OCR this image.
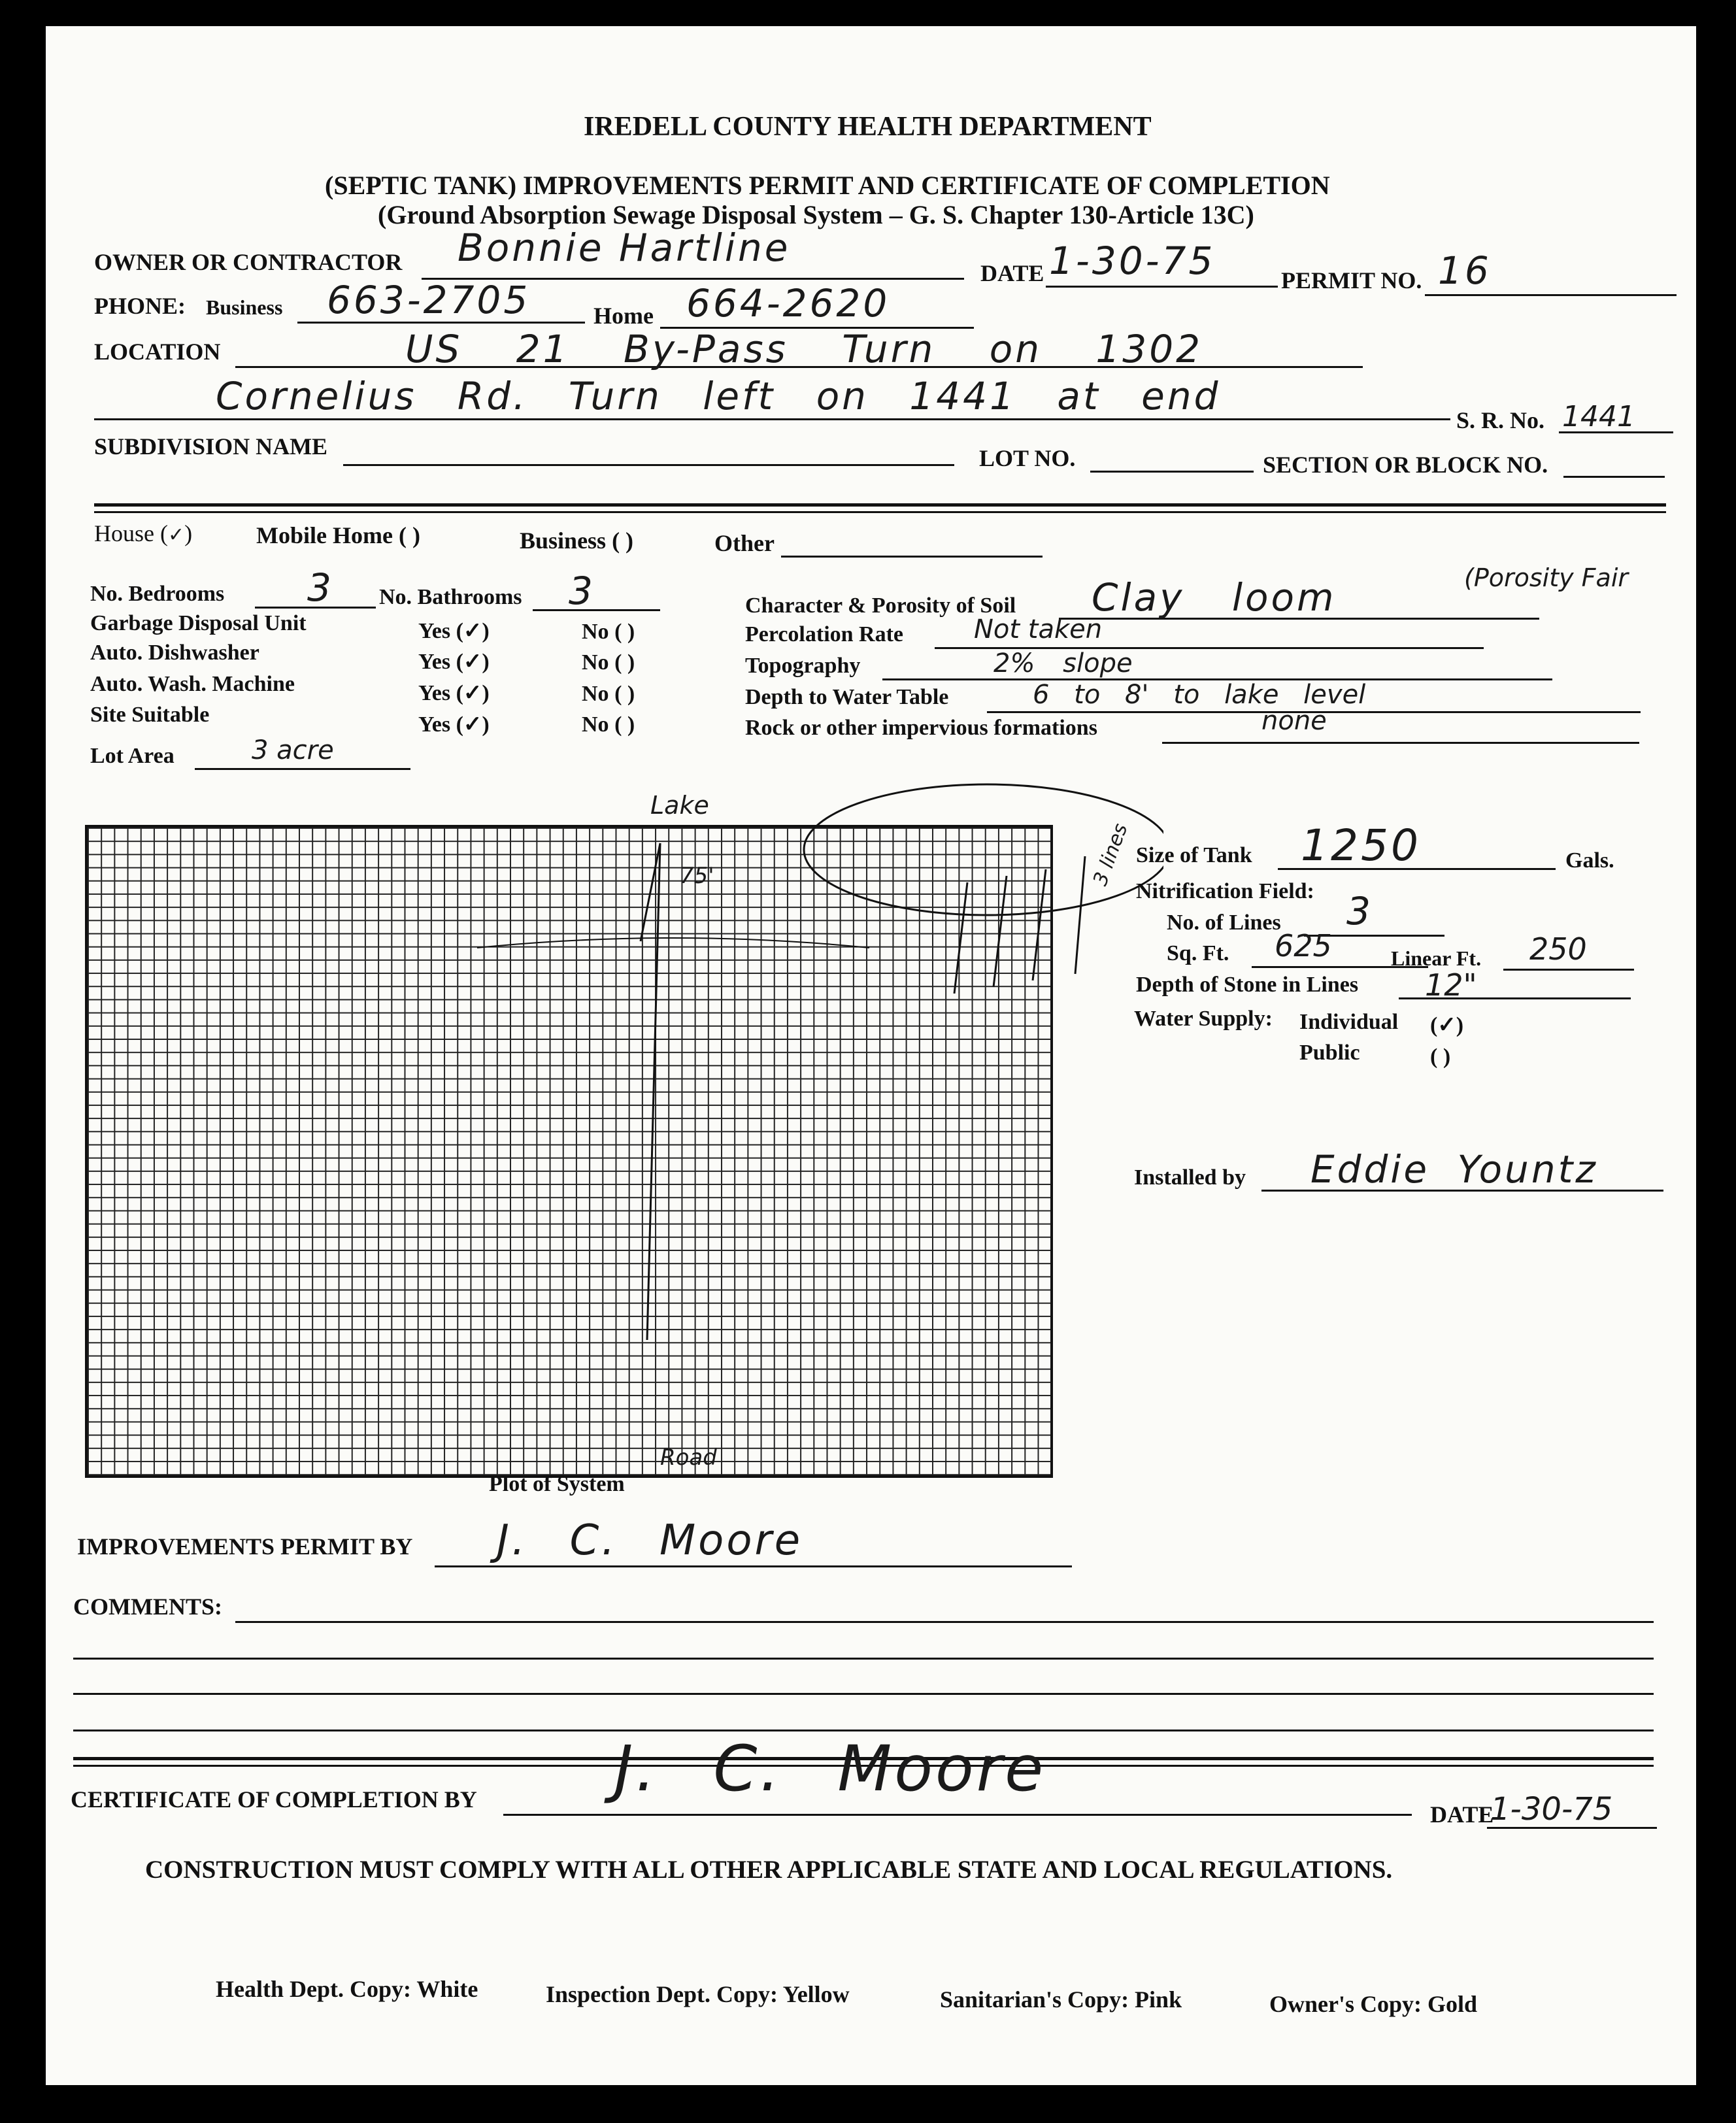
IREDELL COUNTY HEALTH DEPARTMENT
(SEPTIC TANK) IMPROVEMENTS PERMIT AND CERTIFICATE OF COMPLETION
(Ground Absorption Sewage Disposal System – G. S. Chapter 130-Article 13C)
OWNER OR CONTRACTOR Bonnie Hartline
DATE 1-30-75	PERMIT NO. 16
PHONE: Business 663-2705	Home 664-2620
LOCATION	US 21 By-Pass Turn on 1302
Cornelius Rd. Turn left on 1441 at end
S. R. No. 1441
SUBDIVISION NAME	LOT NO.	SECTION OR BLOCK NO.
House (✓)	Mobile Home ( )	Business ( )	Other
No. Bedrooms 3 No. Bathrooms 3
Garbage Disposal Unit	Yes (✓)	No ( )
Auto. Dishwasher	Yes (✓)	No ( )
Auto. Wash. Machine	Yes (✓)	No ( )
Site Suitable	Yes (✓)	No ( )
Lot Area	3 acre
Character & Porosity of Soil Clay loom	(Porosity Fair
Percolation Rate	Not taken
Topography	2% slope
Depth to Water Table	6 to 8' to lake level
Rock or other impervious formations	none
Lake
75'	3 lines
Road
Plot of System
Size of Tank 1250	Gals.
Nitrification Field:
No. of Lines 3
Sq. Ft. 625	Linear Ft. 250
Depth of Stone in Lines 12"
Water Supply: Individual (✓)
Public	( )
Installed by Eddie Yountz
IMPROVEMENTS PERMIT BY J. C. Moore
COMMENTS:
CERTIFICATE OF COMPLETION BY J. C. Moore
DATE
1-30-75
CONSTRUCTION MUST COMPLY WITH ALL OTHER APPLICABLE STATE AND LOCAL REGULATIONS.
Health Dept. Copy: White	Inspection Dept. Copy: Yellow	Sanitarian's Copy: Pink	Owner's Copy: Gold
